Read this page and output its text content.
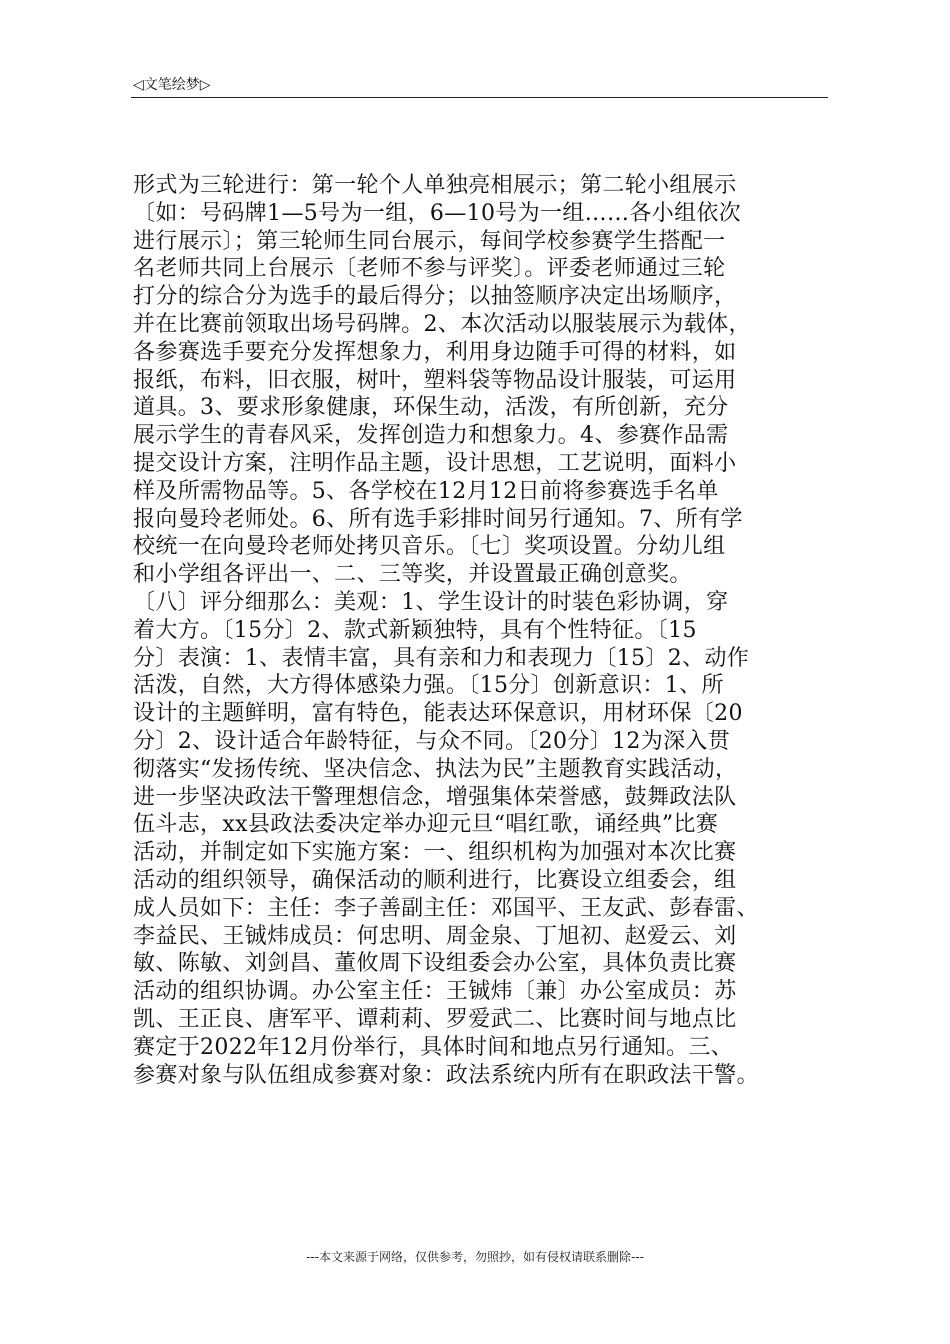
◁文笔绘梦▷
形式为三轮进行：第一轮个人单独亮相展示；第二轮小组展示
〔如：号码牌1—5号为一组，6—10号为一组……各小组依次
进行展示〕；第三轮师生同台展示，每间学校参赛学生搭配一
名老师共同上台展示〔老师不参与评奖〕。评委老师通过三轮
打分的综合分为选手的最后得分；以抽签顺序决定出场顺序，
并在比赛前领取出场号码牌。2、本次活动以服装展示为载体，
各参赛选手要充分发挥想象力，利用身边随手可得的材料，如
报纸，布料，旧衣服，树叶，塑料袋等物品设计服装，可运用
道具。3、要求形象健康，环保生动，活泼，有所创新，充分
展示学生的青春风采，发挥创造力和想象力。4、参赛作品需
提交设计方案，注明作品主题，设计思想，工艺说明，面料小
样及所需物品等。5、各学校在12月12日前将参赛选手名单
报向曼玲老师处。6、所有选手彩排时间另行通知。7、所有学
校统一在向曼玲老师处拷贝音乐。〔七〕奖项设置。分幼儿组
和小学组各评出一、二、三等奖，并设置最正确创意奖。
〔八〕评分细那么：美观：1、学生设计的时装色彩协调，穿
着大方。〔15分〕2、款式新颖独特，具有个性特征。〔15
分〕表演：1、表情丰富，具有亲和力和表现力〔15〕2、动作
活泼，自然，大方得体感染力强。〔15分〕创新意识：1、所
设计的主题鲜明，富有特色，能表达环保意识，用材环保〔20
分〕2、设计适合年龄特征，与众不同。〔20分〕12为深入贯
彻落实“发扬传统、坚决信念、执法为民”主题教育实践活动，
进一步坚决政法干警理想信念，增强集体荣誉感，鼓舞政法队
伍斗志，xx县政法委决定举办迎元旦“唱红歌，诵经典”比赛
活动，并制定如下实施方案：一、组织机构为加强对本次比赛
活动的组织领导，确保活动的顺利进行，比赛设立组委会，组
成人员如下：主任：李子善副主任：邓国平、王友武、彭春雷、
李益民、王铖炜成员：何忠明、周金泉、丁旭初、赵爱云、刘
敏、陈敏、刘剑昌、董攸周下设组委会办公室，具体负责比赛
活动的组织协调。办公室主任：王铖炜〔兼〕办公室成员：苏
凯、王正良、唐军平、谭莉莉、罗爱武二、比赛时间与地点比
赛定于2022年12月份举行，具体时间和地点另行通知。三、
参赛对象与队伍组成参赛对象：政法系统内所有在职政法干警。
---本文来源于网络，仅供参考，勿照抄，如有侵权请联系删除---
